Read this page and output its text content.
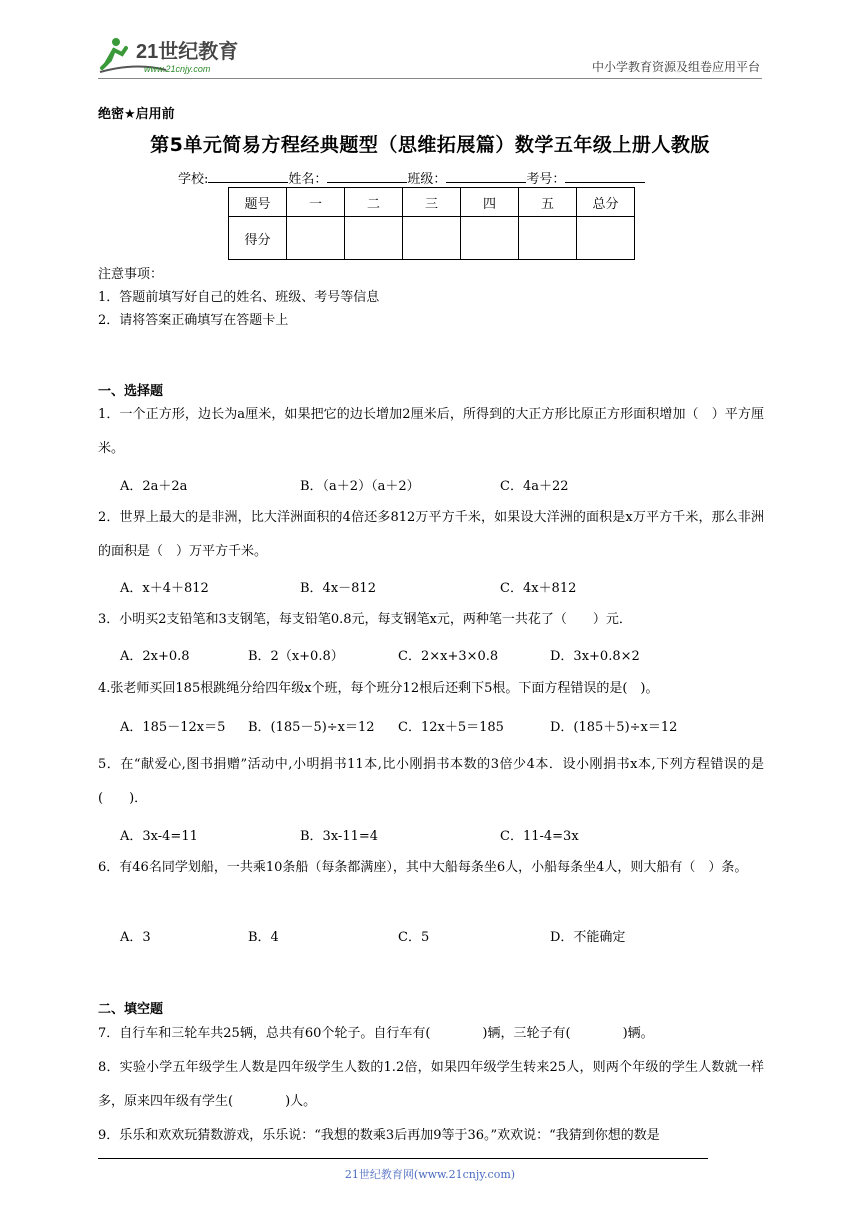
21世纪教育
www.21cnjy.com	中小学教育资源及组卷应用平台
绝密★启用前
第5单元简易方程经典题型（思维拓展篇）数学五年级上册人教版
学校:	姓名：	班级：	考号：
题号	一	二	三	四	五	总分
得分						
注意事项：
1．答题前填写好自己的姓名、班级、考号等信息
2．请将答案正确填写在答题卡上
一、选择题
1．一个正方形，边长为a厘米，如果把它的边长增加2厘米后，所得到的大正方形比原正方形面积增加（　）平方厘米。
A．2a＋2a	B．（a＋2）（a＋2）	C．4a＋22
2．世界上最大的是非洲，比大洋洲面积的4倍还多812万平方千米，如果设大洋洲的面积是x万平方千米，那么非洲的面积是（　）万平方千米。
A．x＋4＋812	B．4x－812	C．4x＋812
3．小明买2支铅笔和3支钢笔，每支铅笔0.8元，每支钢笔x元，两种笔一共花了（　　）元．
A．2x+0.8	B．2（x+0.8）	C．2×x+3×0.8	D．3x+0.8×2
4.张老师买回185根跳绳分给四年级x个班，每个班分12根后还剩下5根。下面方程错误的是(　)。
A．185－12x＝5 B．(185－5)÷x＝12 C．12x＋5＝185	D．(185＋5)÷x＝12
5．在“献爱心,图书捐赠”活动中,小明捐书11本,比小刚捐书本数的3倍少4本．设小刚捐书x本,下列方程错误的是(　　)．
A．3x-4=11	B．3x-11=4	C．11-4=3x
6．有46名同学划船，一共乘10条船（每条都满座），其中大船每条坐6人，小船每条坐4人，则大船有（　）条。
A．3	B．4	C．5	D．不能确定
二、填空题
7．自行车和三轮车共25辆，总共有60个轮子。自行车有(　　　　)辆，三轮子有(　　　　)辆。
8．实验小学五年级学生人数是四年级学生人数的1.2倍，如果四年级学生转来25人，则两个年级的学生人数就一样多，原来四年级有学生(　　　　)人。
9．乐乐和欢欢玩猜数游戏，乐乐说：“我想的数乘3后再加9等于36。”欢欢说：“我猜到你想的数是
21世纪教育网(www.21cnjy.com)
